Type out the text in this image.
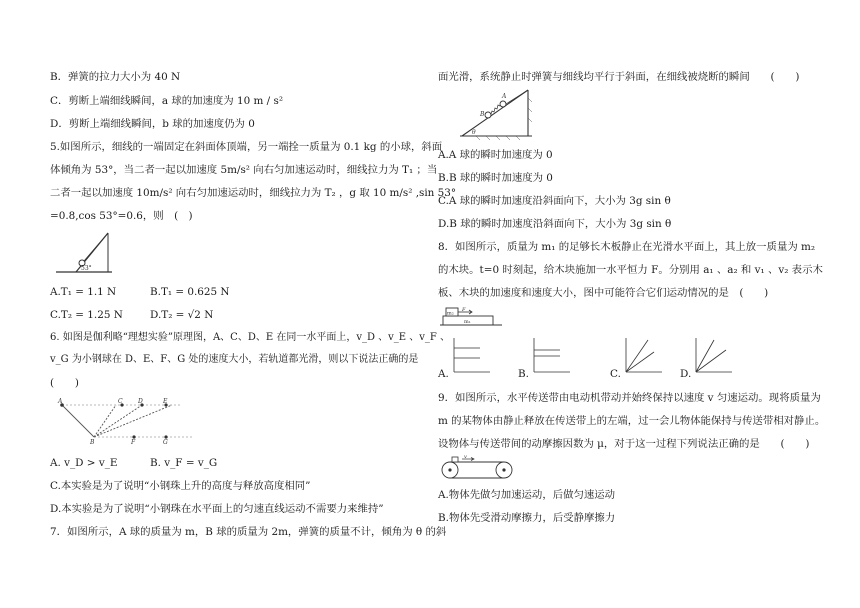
B．弹簧的拉力大小为 40 N
C．剪断上端细线瞬间，a 球的加速度为 10 m / s²
D．剪断上端细线瞬间，b 球的加速度仍为 0
5.如图所示，细线的一端固定在斜面体顶端，另一端拴一质量为 0.1 kg 的小球，斜面
体倾角为 53°，当二者一起以加速度 5m/s² 向右匀加速运动时，细线拉力为 T₁ ；当
二者一起以加速度 10m/s² 向右匀加速运动时，细线拉力为 T₂ ，g 取 10 m/s² ,sin 53°
=0.8,cos 53°=0.6，则　(　)
53°
A.T₁ = 1.1 N	B.T₁ = 0.625 N
C.T₂ = 1.25 N	D.T₂ = √2 N
6. 如图是伽利略“理想实验”原理图，A、C、D、E 在同一水平面上，v_D 、v_E 、v_F 、
v_G 为小钢球在 D、E、F、G 处的速度大小，若轨道都光滑，则以下说法正确的是
(　　)
A	C	D	E
B	F	G
A. v_D > v_E	B. v_F = v_G
C.本实验是为了说明“小钢珠上升的高度与释放高度相同”
D.本实验是为了说明“小钢珠在水平面上的匀速直线运动不需要力来维持”
7．如图所示，A 球的质量为 m，B 球的质量为 2m，弹簧的质量不计，倾角为 θ 的斜
面光滑，系统静止时弹簧与细线均平行于斜面，在细线被烧断的瞬间　　(　　)
A
B
θ
A.A 球的瞬时加速度为 0
B.B 球的瞬时加速度为 0
C.A 球的瞬时加速度沿斜面向下，大小为 3g sin θ
D.B 球的瞬时加速度沿斜面向下，大小为 3g sin θ
8．如图所示，质量为 m₁ 的足够长木板静止在光滑水平面上，其上放一质量为 m₂
的木块。t=0 时刻起，给木块施加一水平恒力 F。分别用 a₁ 、a₂ 和 v₁ 、v₂ 表示木
板、木块的加速度和速度大小，图中可能符合它们运动情况的是　(　　)
m₂
F
m₁
A.	B.	C.	D.
9．如图所示，水平传送带由电动机带动并始终保持以速度 v 匀速运动。现将质量为
m 的某物体由静止释放在传送带上的左端，过一会儿物体能保持与传送带相对静止。
设物体与传送带间的动摩擦因数为 μ，对于这一过程下列说法正确的是　　(　　)
v
A.物体先做匀加速运动，后做匀速运动
B.物体先受滑动摩擦力，后受静摩擦力
